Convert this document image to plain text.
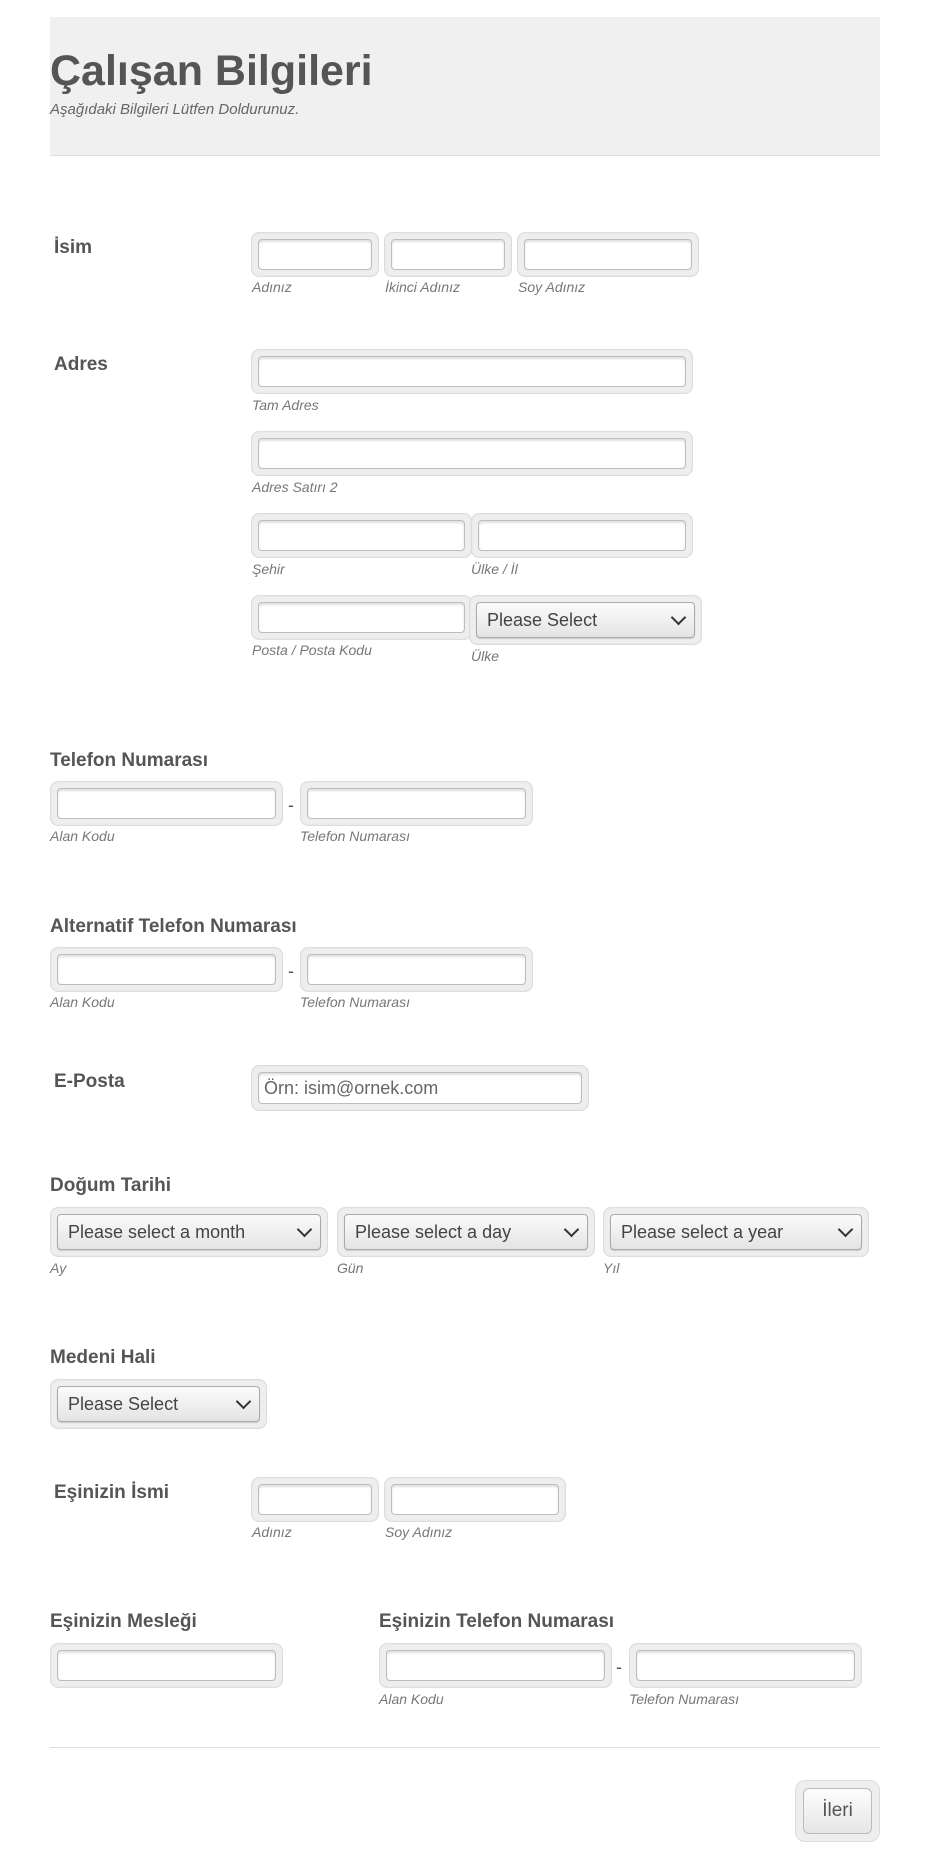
Çalışan Bilgileri
Aşağıdaki Bilgileri Lütfen Doldurunuz.
İsim
Adınız	İkinci Adınız	Soy Adınız
Adres
Tam Adres
Adres Satırı 2
Şehir	Ülke / İl
Please Select
Posta / Posta Kodu	Ülke
Telefon Numarası
-
Alan Kodu	Telefon Numarası
Alternatif Telefon Numarası
-
Alan Kodu	Telefon Numarası
E-Posta
Örn: isim@ornek.com
Doğum Tarihi
Please select a month	Please select a day	Please select a year
Ay	Gün	Yıl
Medeni Hali
Please Select
Eşinizin İsmi
Adınız	Soy Adınız
Eşinizin Mesleği	Eşinizin Telefon Numarası
-
Alan Kodu	Telefon Numarası
İleri
